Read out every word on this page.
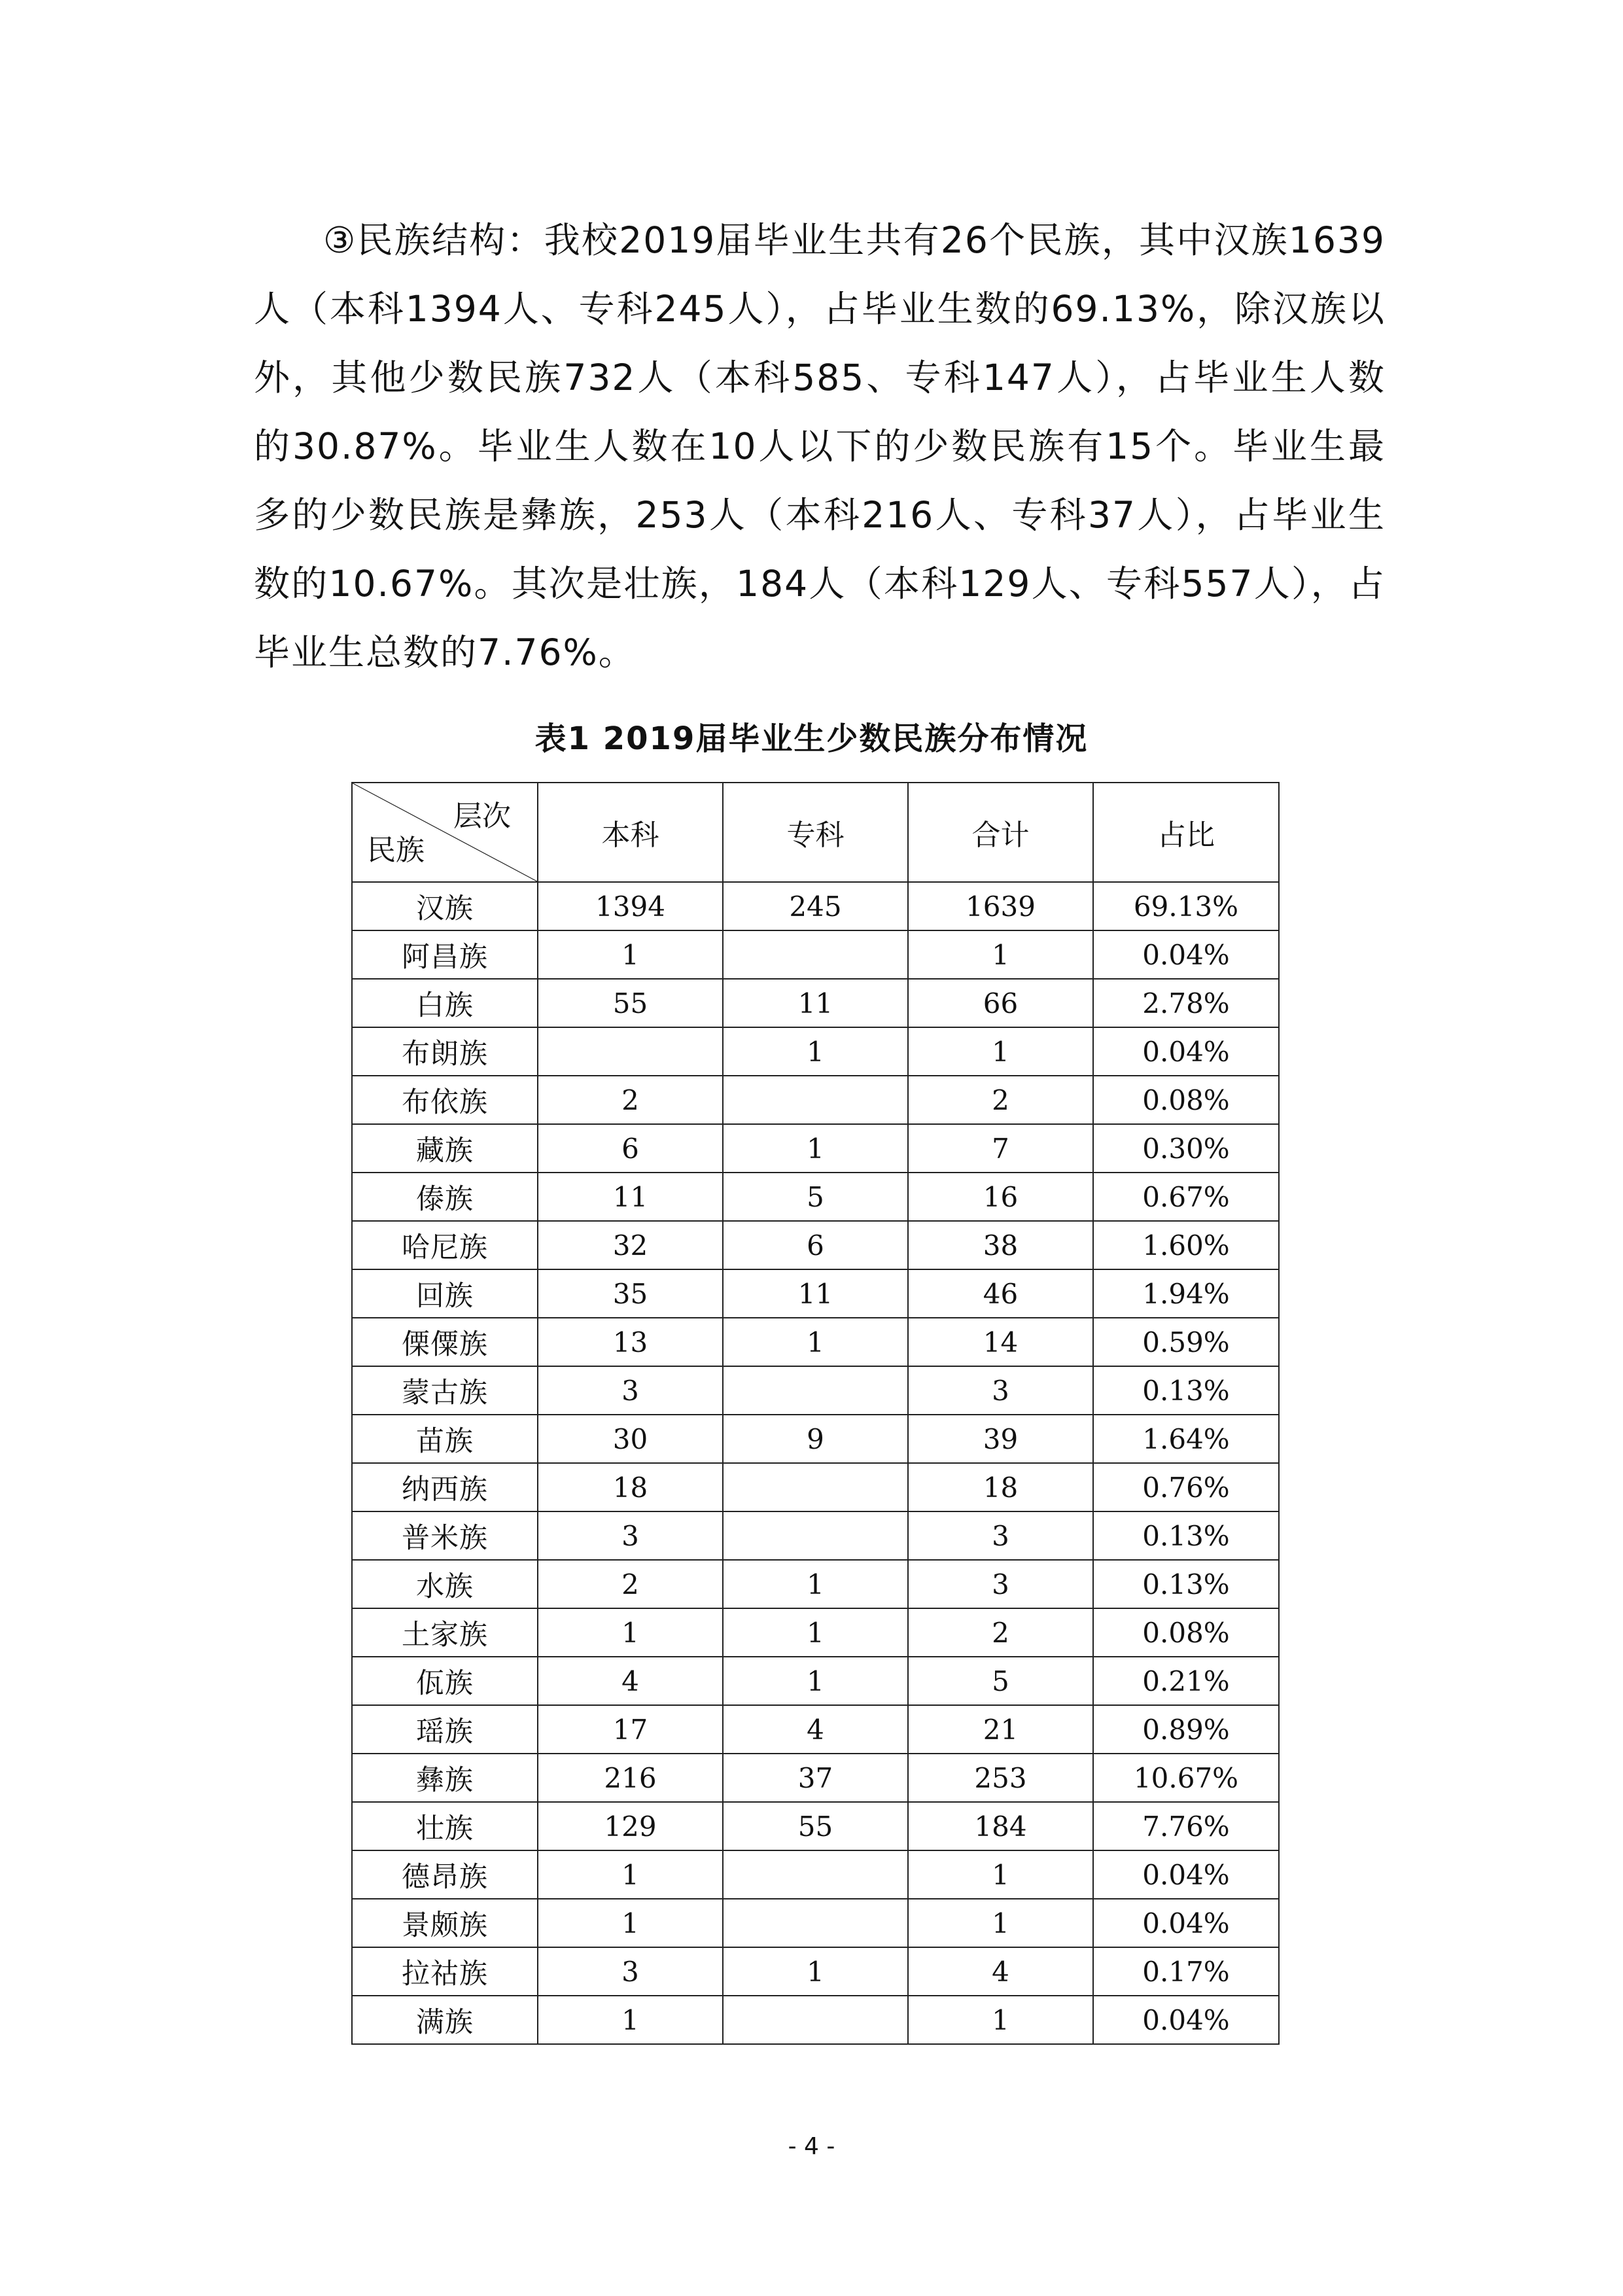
③民族结构：我校2019届毕业生共有26个民族，其中汉族1639人（本科1394人、专科245人），占毕业生数的69.13%，除汉族以外，其他少数民族732人（本科585、专科147人），占毕业生人数的30.87%。毕业生人数在10人以下的少数民族有15个。毕业生最多的少数民族是彝族，253人（本科216人、专科37人），占毕业生数的10.67%。其次是壮族，184人（本科129人、专科557人），占毕业生总数的7.76%。

表1 2019届毕业生少数民族分布情况
层次
民族	本科	专科	合计	占比
汉族	1394	245	1639	69.13%
阿昌族	1		1	0.04%
白族	55	11	66	2.78%
布朗族		1	1	0.04%
布依族	2		2	0.08%
藏族	6	1	7	0.30%
傣族	11	5	16	0.67%
哈尼族	32	6	38	1.60%
回族	35	11	46	1.94%
傈僳族	13	1	14	0.59%
蒙古族	3		3	0.13%
苗族	30	9	39	1.64%
纳西族	18		18	0.76%
普米族	3		3	0.13%
水族	2	1	3	0.13%
土家族	1	1	2	0.08%
佤族	4	1	5	0.21%
瑶族	17	4	21	0.89%
彝族	216	37	253	10.67%
壮族	129	55	184	7.76%
德昂族	1		1	0.04%
景颇族	1		1	0.04%
拉祜族	3	1	4	0.17%
满族	1		1	0.04%
- 4 -
